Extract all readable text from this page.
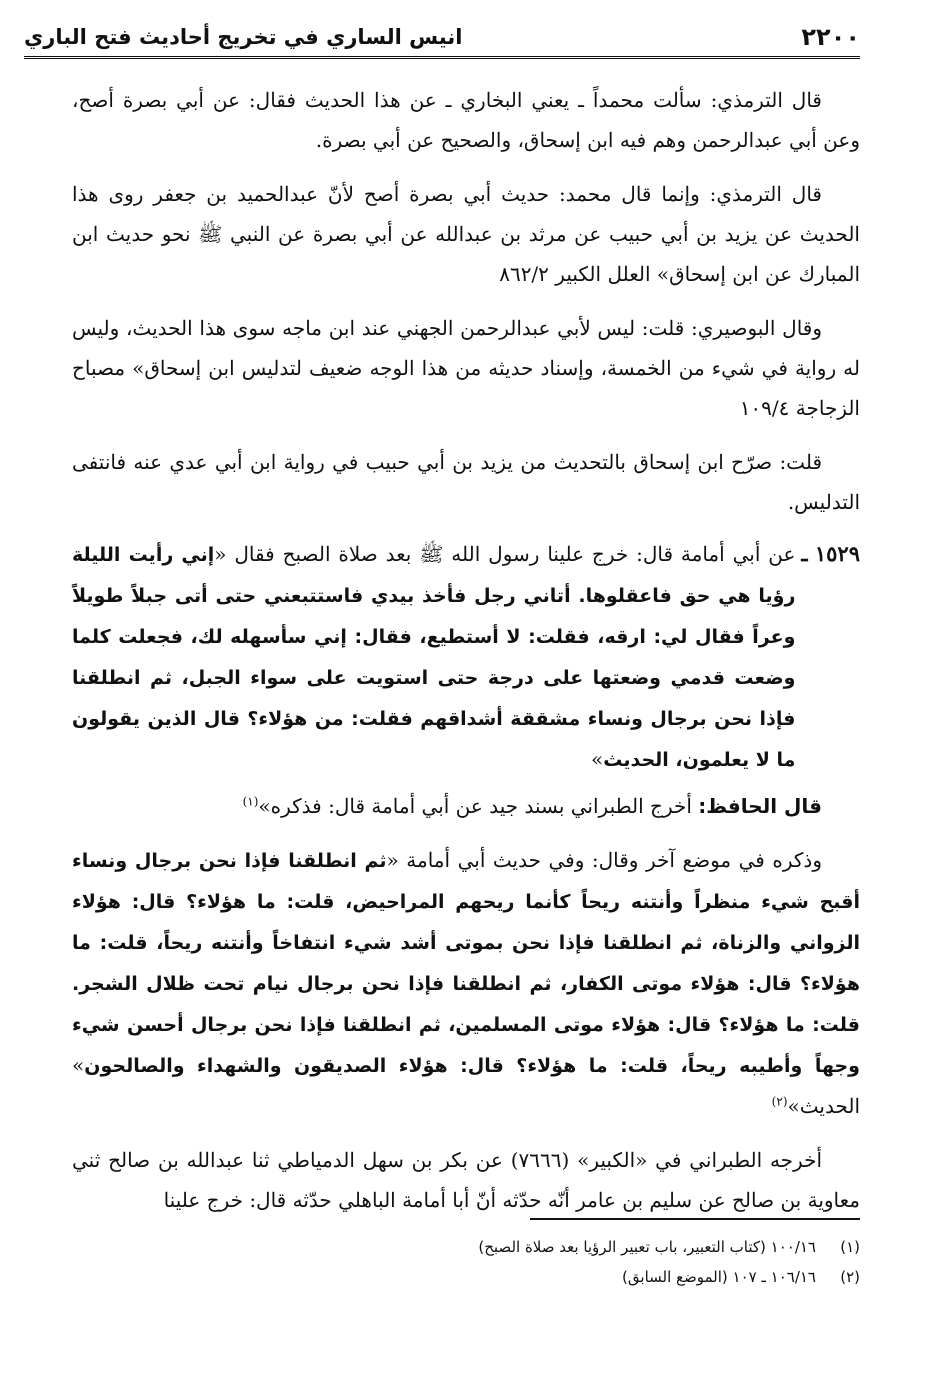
٢٢٠٠
انيس الساري في تخريج أحاديث فتح الباري

قال الترمذي: سألت محمداً ـ يعني البخاري ـ عن هذا الحديث فقال: عن أبي بصرة أصح، وعن أبي عبدالرحمن وهم فيه ابن إسحاق، والصحيح عن أبي بصرة.

قال الترمذي: وإنما قال محمد: حديث أبي بصرة أصح لأنّ عبدالحميد بن جعفر روى هذا الحديث عن يزيد بن أبي حبيب عن مرثد بن عبدالله عن أبي بصرة عن النبي ﷺ نحو حديث ابن المبارك عن ابن إسحاق» العلل الكبير ٨٦٢/٢

وقال البوصيري: قلت: ليس لأبي عبدالرحمن الجهني عند ابن ماجه سوى هذا الحديث، وليس له رواية في شيء من الخمسة، وإسناد حديثه من هذا الوجه ضعيف لتدليس ابن إسحاق» مصباح الزجاجة ١٠٩/٤

قلت: صرّح ابن إسحاق بالتحديث من يزيد بن أبي حبيب في رواية ابن أبي عدي عنه فانتفى التدليس.

١٥٢٩ ـ

عن أبي أمامة قال: خرج علينا رسول الله ﷺ بعد صلاة الصبح فقال «إني رأيت الليلة رؤيا هي حق فاعقلوها. أتاني رجل فأخذ بيدي فاستتبعني حتى أتى جبلاً طويلاً وعراً فقال لي: ارقه، فقلت: لا أستطيع، فقال: إني سأسهله لك، فجعلت كلما وضعت قدمي وضعتها على درجة حتى استويت على سواء الجبل، ثم انطلقنا فإذا نحن برجال ونساء مشققة أشداقهم فقلت: من هؤلاء؟ قال الذين يقولون ما لا يعلمون، الحديث»

قال الحافظ: أخرج الطبراني بسند جيد عن أبي أمامة قال: فذكره»$^{(١)}$

وذكره في موضع آخر وقال: وفي حديث أبي أمامة «ثم انطلقنا فإذا نحن برجال ونساء أقبح شيء منظراً وأنتنه ريحاً كأنما ريحهم المراحيض، قلت: ما هؤلاء؟ قال: هؤلاء الزواني والزناة، ثم انطلقنا فإذا نحن بموتى أشد شيء انتفاخاً وأنتنه ريحاً، قلت: ما هؤلاء؟ قال: هؤلاء موتى الكفار، ثم انطلقنا فإذا نحن برجال نيام تحت ظلال الشجر. قلت: ما هؤلاء؟ قال: هؤلاء موتى المسلمين، ثم انطلقنا فإذا نحن برجال أحسن شيء وجهاً وأطيبه ريحاً، قلت: ما هؤلاء؟ قال: هؤلاء الصديقون والشهداء والصالحون» الحديث»$^{(٢)}$

أخرجه الطبراني في «الكبير» (٧٦٦٦) عن بكر بن سهل الدمياطي ثنا عبدالله بن صالح ثني معاوية بن صالح عن سليم بن عامر أنّه حدّثه أنّ أبا أمامة الباهلي حدّثه قال: خرج علينا

(١)
١٠٠/١٦ (كتاب التعبير، باب تعبير الرؤيا بعد صلاة الصبح)
(٢)
١٠٦/١٦ ـ ١٠٧ (الموضع السابق)
